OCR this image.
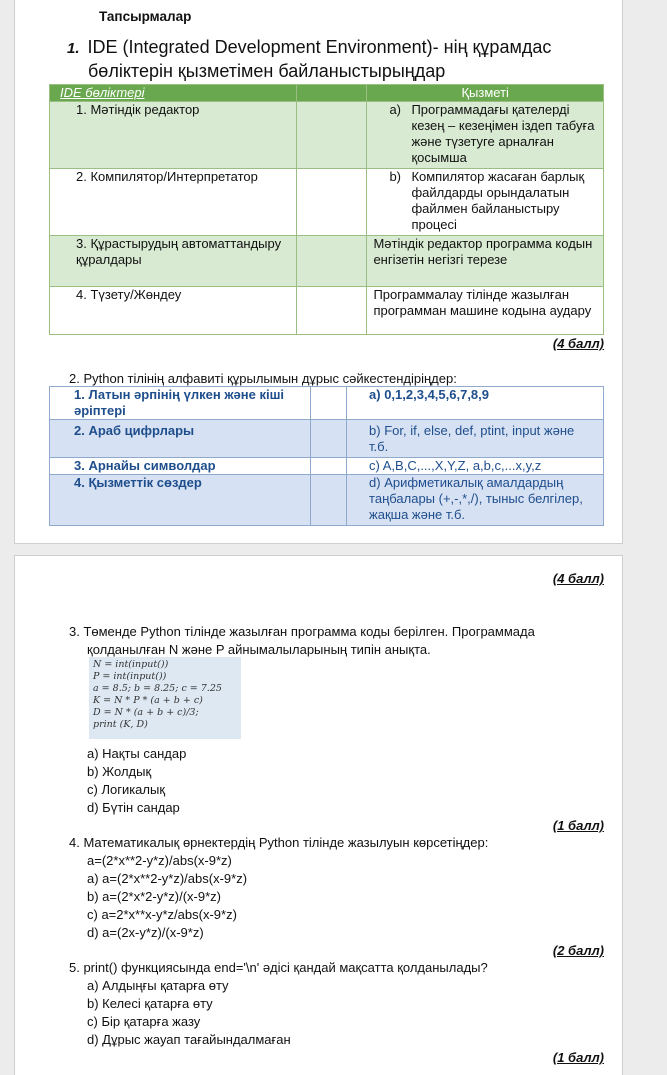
Тапсырмалар
1. IDE (Integrated Development Environment)- нің құрамдас
бөліктерін қызметімен байланыстырыңдар
IDE бөліктері		Қызметі
1. Мәтіндік редактор		a) Программадағы қателерді кезең – кезеңімен іздеп табуға және түзетуге арналған қосымша

2. Компилятор/Интерпретатор		b) Компилятор жасаған барлық файлдарды орындалатын файлмен байланыстыру процесі

3. Құрастырудың автоматтандыру құралдары		Мәтіндік редактор программа кодын енгізетін негізгі терезе
4. Түзету/Жөндеу		Программалау тілінде жазылған программан машине кодына аудару
(4 балл)
2. Python тілінің алфавиті құрылымын дұрыс сәйкестендіріңдер:
1. Латын әрпінің үлкен және кіші әріптері		a) 0,1,2,3,4,5,6,7,8,9
2. Араб цифрлары		b) For, if, else, def, ptint, input және т.б.
3. Арнайы символдар		c) A,B,C,...,X,Y,Z, a,b,c,...x,y,z
4. Қызметтік сөздер		d) Арифметикалық амалдардың таңбалары (+,-,*,/), тыныс белгілер, жақша және т.б.
(4 балл)
3. Төменде Python тілінде жазылған программа коды берілген. Программада
қолданылған N және P айнымалыларының типін анықта.
N = int(input())
P = int(input())
a = 8.5; b = 8.25; c = 7.25
K = N * P * (a + b + c)
D = N * (a + b + c)/3;
print (K, D)
a) Нақты сандар
b) Жолдық
c) Логикалық
d) Бүтін сандар
(1 балл)
4. Математикалық өрнектердің Python тілінде жазылуын көрсетіңдер:
a=(2*x**2-y*z)/abs(x-9*z)
a) a=(2*x**2-y*z)/abs(x-9*z)
b) a=(2*x*2-y*z)/(x-9*z)
c) a=2*x**x-y*z/abs(x-9*z)
d) a=(2x-y*z)/(x-9*z)
(2 балл)
5. print() функциясында end='\n' әдісі қандай мақсатта қолданылады?
a) Алдыңғы қатарға өту
b) Келесі қатарға өту
c) Бір қатарға жазу
d) Дұрыс жауап тағайындалмаған
(1 балл)
